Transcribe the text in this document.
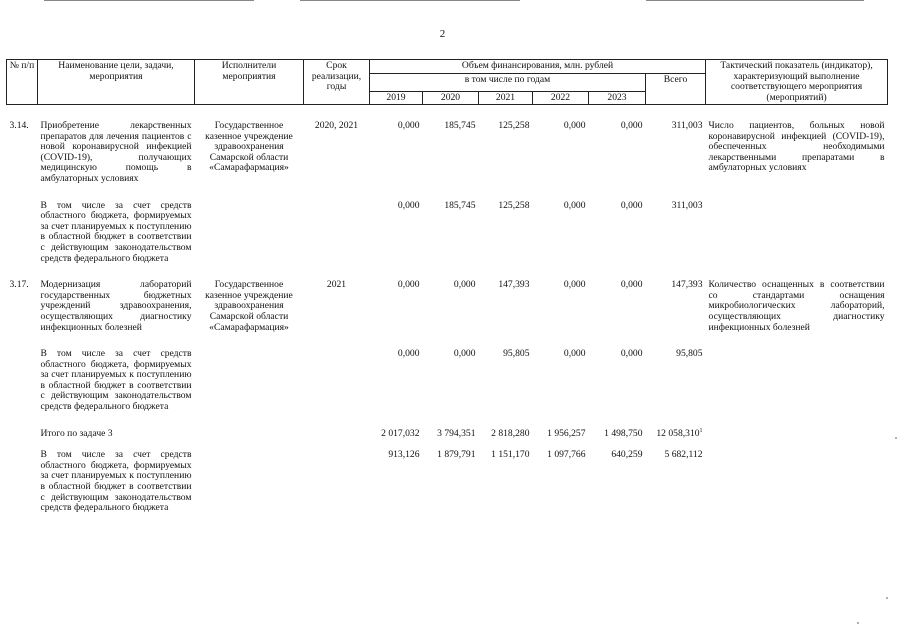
2
№ п/п	Наименование цели, задачи, мероприятия	Исполнители мероприятия	Срок реализации, годы	Объем финансирования, млн. рублей						Тактический показатель (индикатор), характеризующий выполнение соответствующего мероприятия (мероприятий)
				в том числе по годам					Всего	
				2019	2020	2021	2022	2023		

3.14.	Приобретение лекарственных препаратов для лечения пациентов с новой коронавирусной инфекцией (COVID-19), получающих медицинскую помощь в амбулаторных условиях	Государственное казенное учреждение здравоохранения Самарской области «Самарафармация»	2020, 2021	0,000	185,745	125,258	0,000	0,000	311,003	Число пациентов, больных новой коронавирусной инфекцией (COVID-19), обеспеченных необходимыми лекарственными препаратами в амбулаторных условиях

	В том числе за счет средств областного бюджета, формируемых за счет планируемых к поступлению в областной бюджет в соответствии с действующим законодательством средств федерального бюджета			0,000	185,745	125,258	0,000	0,000	311,003	

3.17.	Модернизация лабораторий государственных бюджетных учреждений здравоохранения, осуществляющих диагностику инфекционных болезней	Государственное казенное учреждение здравоохранения Самарской области «Самарафармация»	2021	0,000	0,000	147,393	0,000	0,000	147,393	Количество оснащенных в соответствии со стандартами оснащения микробиологических лабораторий, осуществляющих диагностику инфекционных болезней

	В том числе за счет средств областного бюджета, формируемых за счет планируемых к поступлению в областной бюджет в соответствии с действующим законодательством средств федерального бюджета			0,000	0,000	95,805	0,000	0,000	95,805	

	Итого по задаче 3			2 017,032	3 794,351	2 818,280	1 956,257	1 498,750	12 058,310$^1$	

	В том числе за счет средств областного бюджета, формируемых за счет планируемых к поступлению в областной бюджет в соответствии с действующим законодательством средств федерального бюджета			913,126	1 879,791	1 151,170	1 097,766	640,259	5 682,112	
